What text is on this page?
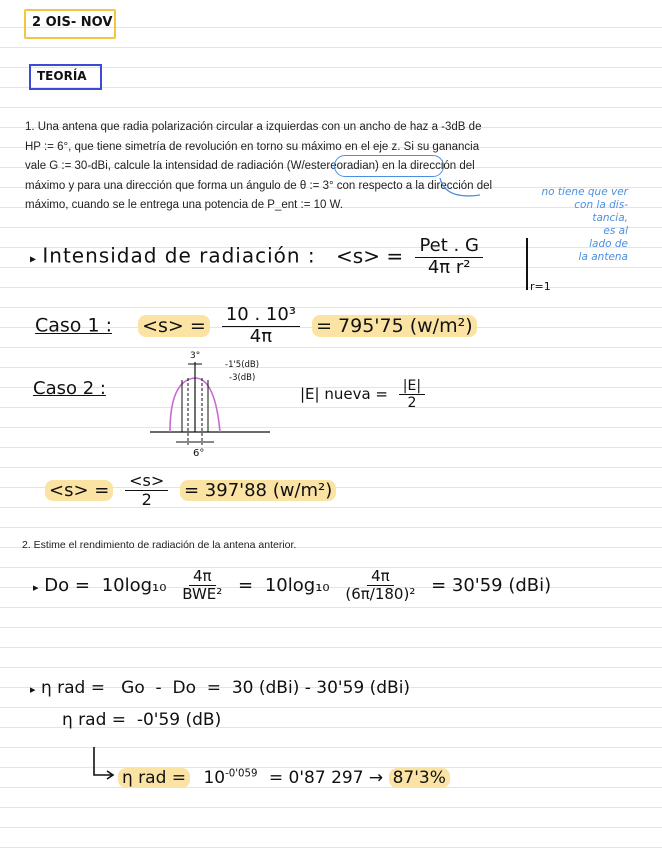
2 OIS- NOV
TEORÍA
1. Una antena que radia polarización circular a izquierdas con un ancho de haz a -3dB de
HP := 6°, que tiene simetría de revolución en torno su máximo en el eje z. Si su ganancia
vale G := 30-dBi, calcule la intensidad de radiación (W/estereoradian) en la dirección del
máximo y para una dirección que forma un ángulo de θ := 3° con respecto a la dirección del
máximo, cuando se le entrega una potencia de P_ent := 10 W.
no tiene que ver
con la dis-
tancia,
es al
lado de
la antena
▸ Intensidad de radiación : $<s> = \frac{\text{Pet . G}}{\text{4π r²}}$
r=1
Caso 1 : $<s> = \frac{\text{10 . 10³}}{4\pi} = 795'75$ (w/m²)
Caso 2 :
3°
-1'5(dB)
-3(dB)
6°
|E| nueva = $\frac{|E|}{2}$
$<s> = \frac{<s>}{2} = 397'88$ (w/m²)
2. Estime el rendimiento de radiación de la antena anterior.
▸ $Do = 10\log_{10} \frac{4\pi}{\text{BWE²}} = 10\log_{10} \frac{4\pi}{\text{(6π/180)²}} = 30'59$ (dBi)
▸ η rad =   Go  -  Do  =  30 (dBi) - 30'59 (dBi)
η rad =  -0'59 (dB)
η rad = $10^{-0'059} = 0'87$ 297 → 87'3%
